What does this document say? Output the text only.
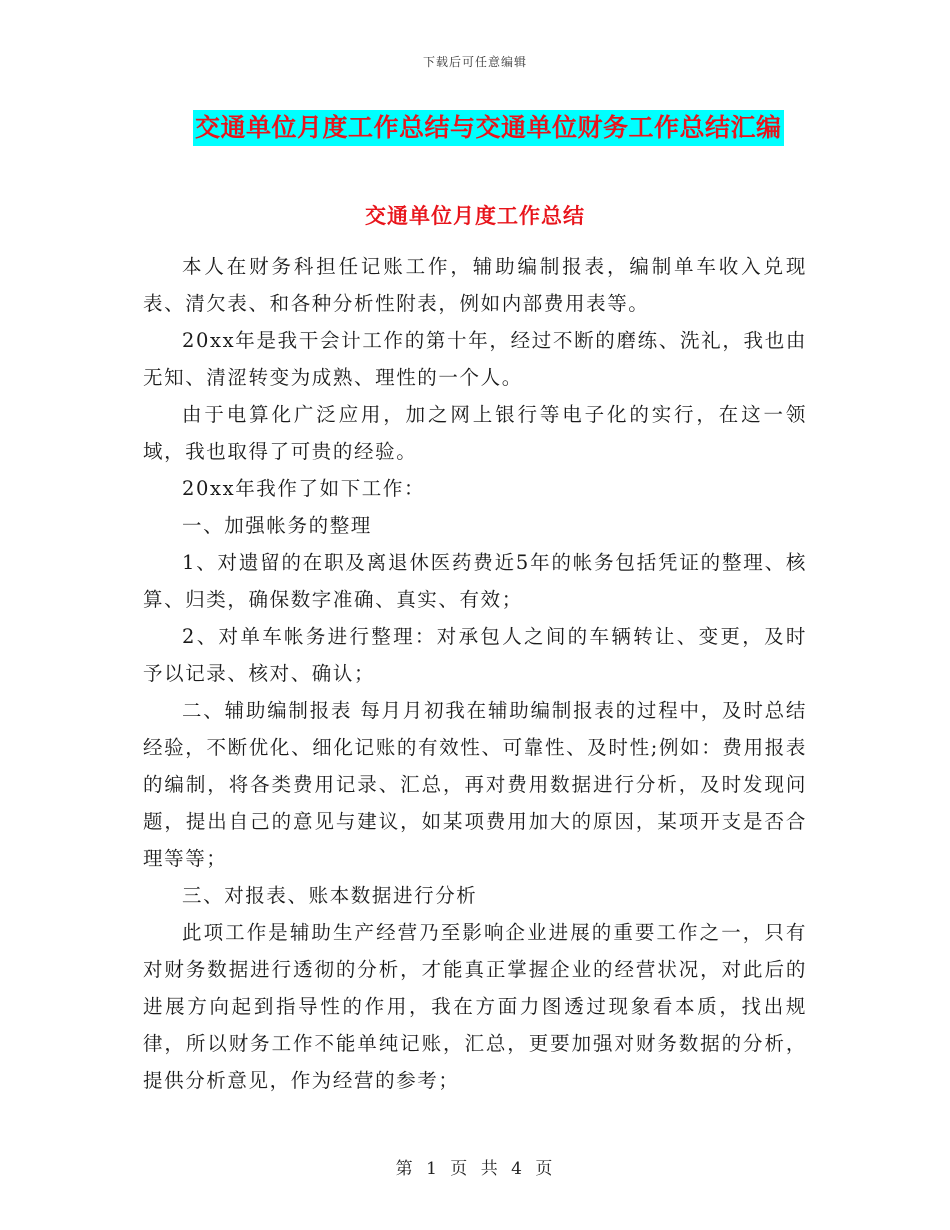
下载后可任意编辑
交通单位月度工作总结与交通单位财务工作总结汇编
交通单位月度工作总结

本人在财务科担任记账工作，辅助编制报表，编制单车收入兑现表、清欠表、和各种分析性附表，例如内部费用表等。

20xx年是我干会计工作的第十年，经过不断的磨练、洗礼，我也由无知、清涩转变为成熟、理性的一个人。

由于电算化广泛应用，加之网上银行等电子化的实行，在这一领域，我也取得了可贵的经验。

20xx年我作了如下工作：

一、加强帐务的整理

1、对遗留的在职及离退休医药费近5年的帐务包括凭证的整理、核算、归类，确保数字准确、真实、有效；

2、对单车帐务进行整理：对承包人之间的车辆转让、变更，及时予以记录、核对、确认；

二、辅助编制报表 每月月初我在辅助编制报表的过程中，及时总结经验，不断优化、细化记账的有效性、可靠性、及时性;例如：费用报表的编制，将各类费用记录、汇总，再对费用数据进行分析，及时发现问题，提出自己的意见与建议，如某项费用加大的原因，某项开支是否合理等等；

三、对报表、账本数据进行分析

此项工作是辅助生产经营乃至影响企业进展的重要工作之一，只有对财务数据进行透彻的分析，才能真正掌握企业的经营状况，对此后的进展方向起到指导性的作用，我在方面力图透过现象看本质，找出规律，所以财务工作不能单纯记账，汇总，更要加强对财务数据的分析，提供分析意见，作为经营的参考；

第 1 页 共 4 页
